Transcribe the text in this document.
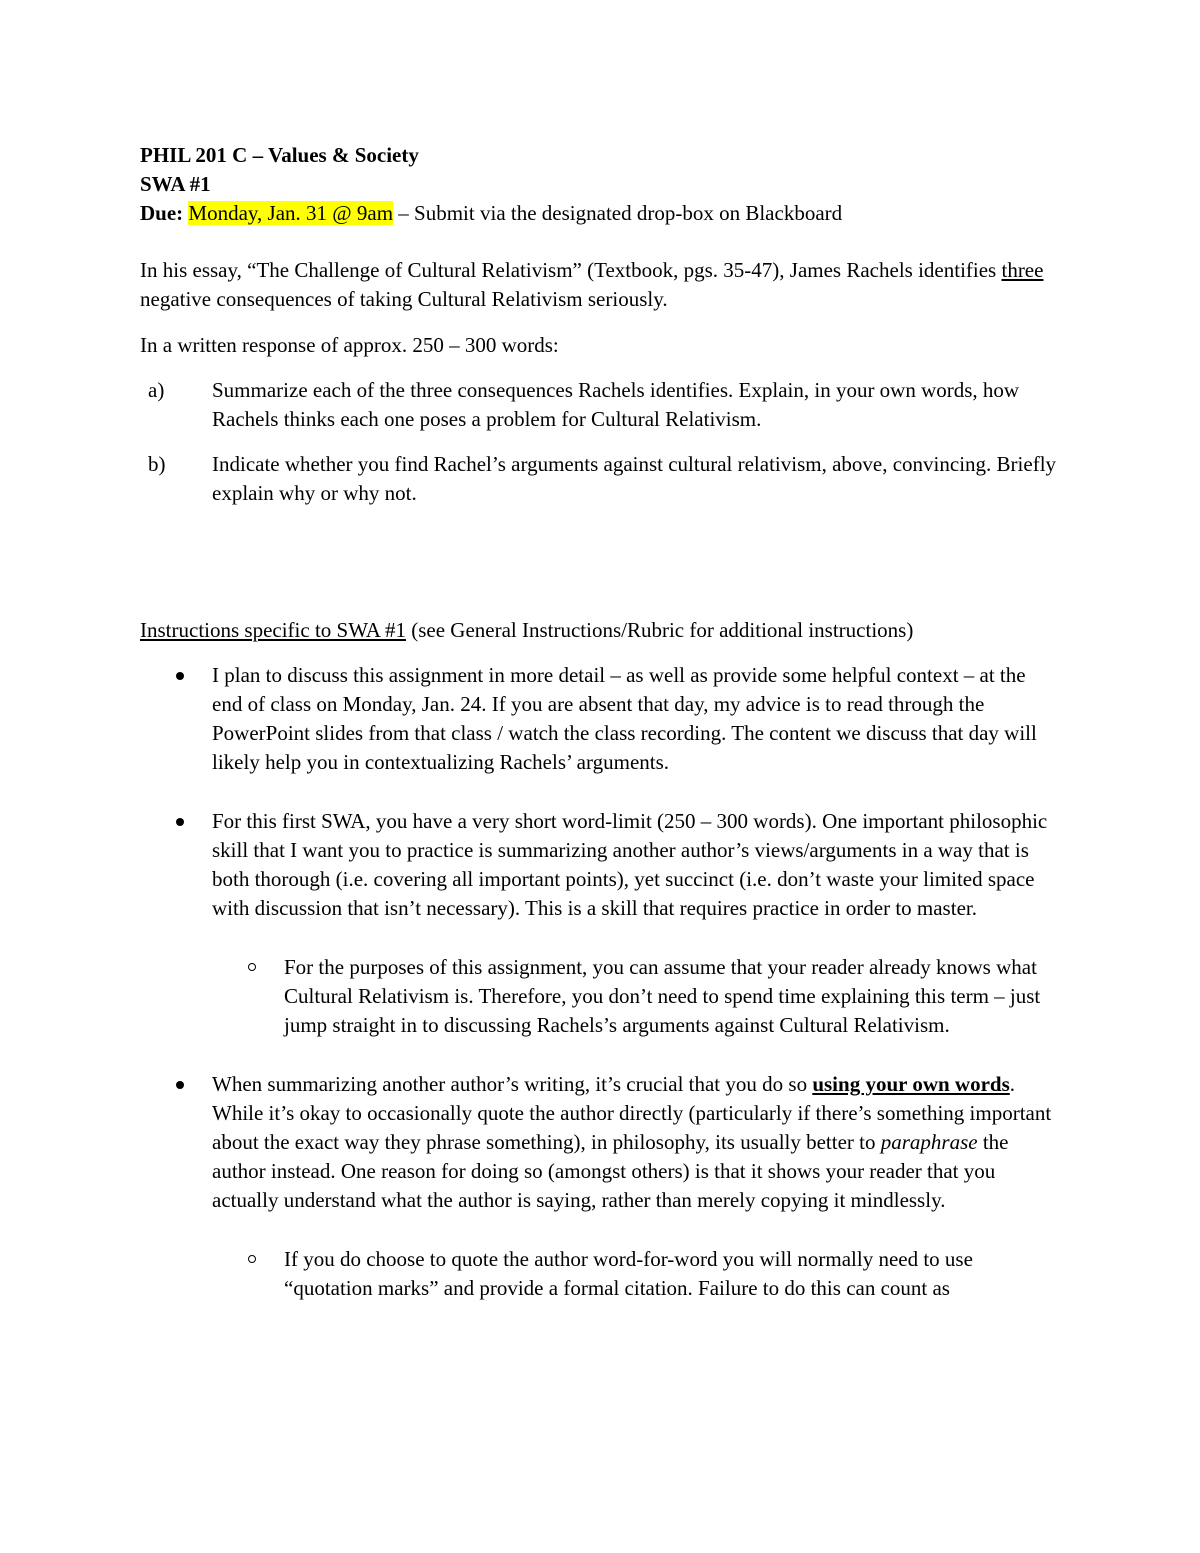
PHIL 201 C – Values & Society
SWA #1
Due: Monday, Jan. 31 @ 9am – Submit via the designated drop-box on Blackboard

In his essay, “The Challenge of Cultural Relativism” (Textbook, pgs. 35-47), James Rachels identifies three negative consequences of taking Cultural Relativism seriously.

In a written response of approx. 250 – 300 words:

a) Summarize each of the three consequences Rachels identifies. Explain, in your own words, how Rachels thinks each one poses a problem for Cultural Relativism.
b) Indicate whether you find Rachel’s arguments against cultural relativism, above, convincing. Briefly explain why or why not.

Instructions specific to SWA #1 (see General Instructions/Rubric for additional instructions)

I plan to discuss this assignment in more detail – as well as provide some helpful context – at the end of class on Monday, Jan. 24. If you are absent that day, my advice is to read through the PowerPoint slides from that class / watch the class recording. The content we discuss that day will likely help you in contextualizing Rachels’ arguments.
For this first SWA, you have a very short word-limit (250 – 300 words). One important philosophic skill that I want you to practice is summarizing another author’s views/arguments in a way that is both thorough (i.e. covering all important points), yet succinct (i.e. don’t waste your limited space with discussion that isn’t necessary). This is a skill that requires practice in order to master.
For the purposes of this assignment, you can assume that your reader already knows what Cultural Relativism is. Therefore, you don’t need to spend time explaining this term – just jump straight in to discussing Rachels’s arguments against Cultural Relativism.
When summarizing another author’s writing, it’s crucial that you do so using your own words. While it’s okay to occasionally quote the author directly (particularly if there’s something important about the exact way they phrase something), in philosophy, its usually better to paraphrase the author instead. One reason for doing so (amongst others) is that it shows your reader that you actually understand what the author is saying, rather than merely copying it mindlessly.
If you do choose to quote the author word-for-word you will normally need to use “quotation marks” and provide a formal citation. Failure to do this can count as
